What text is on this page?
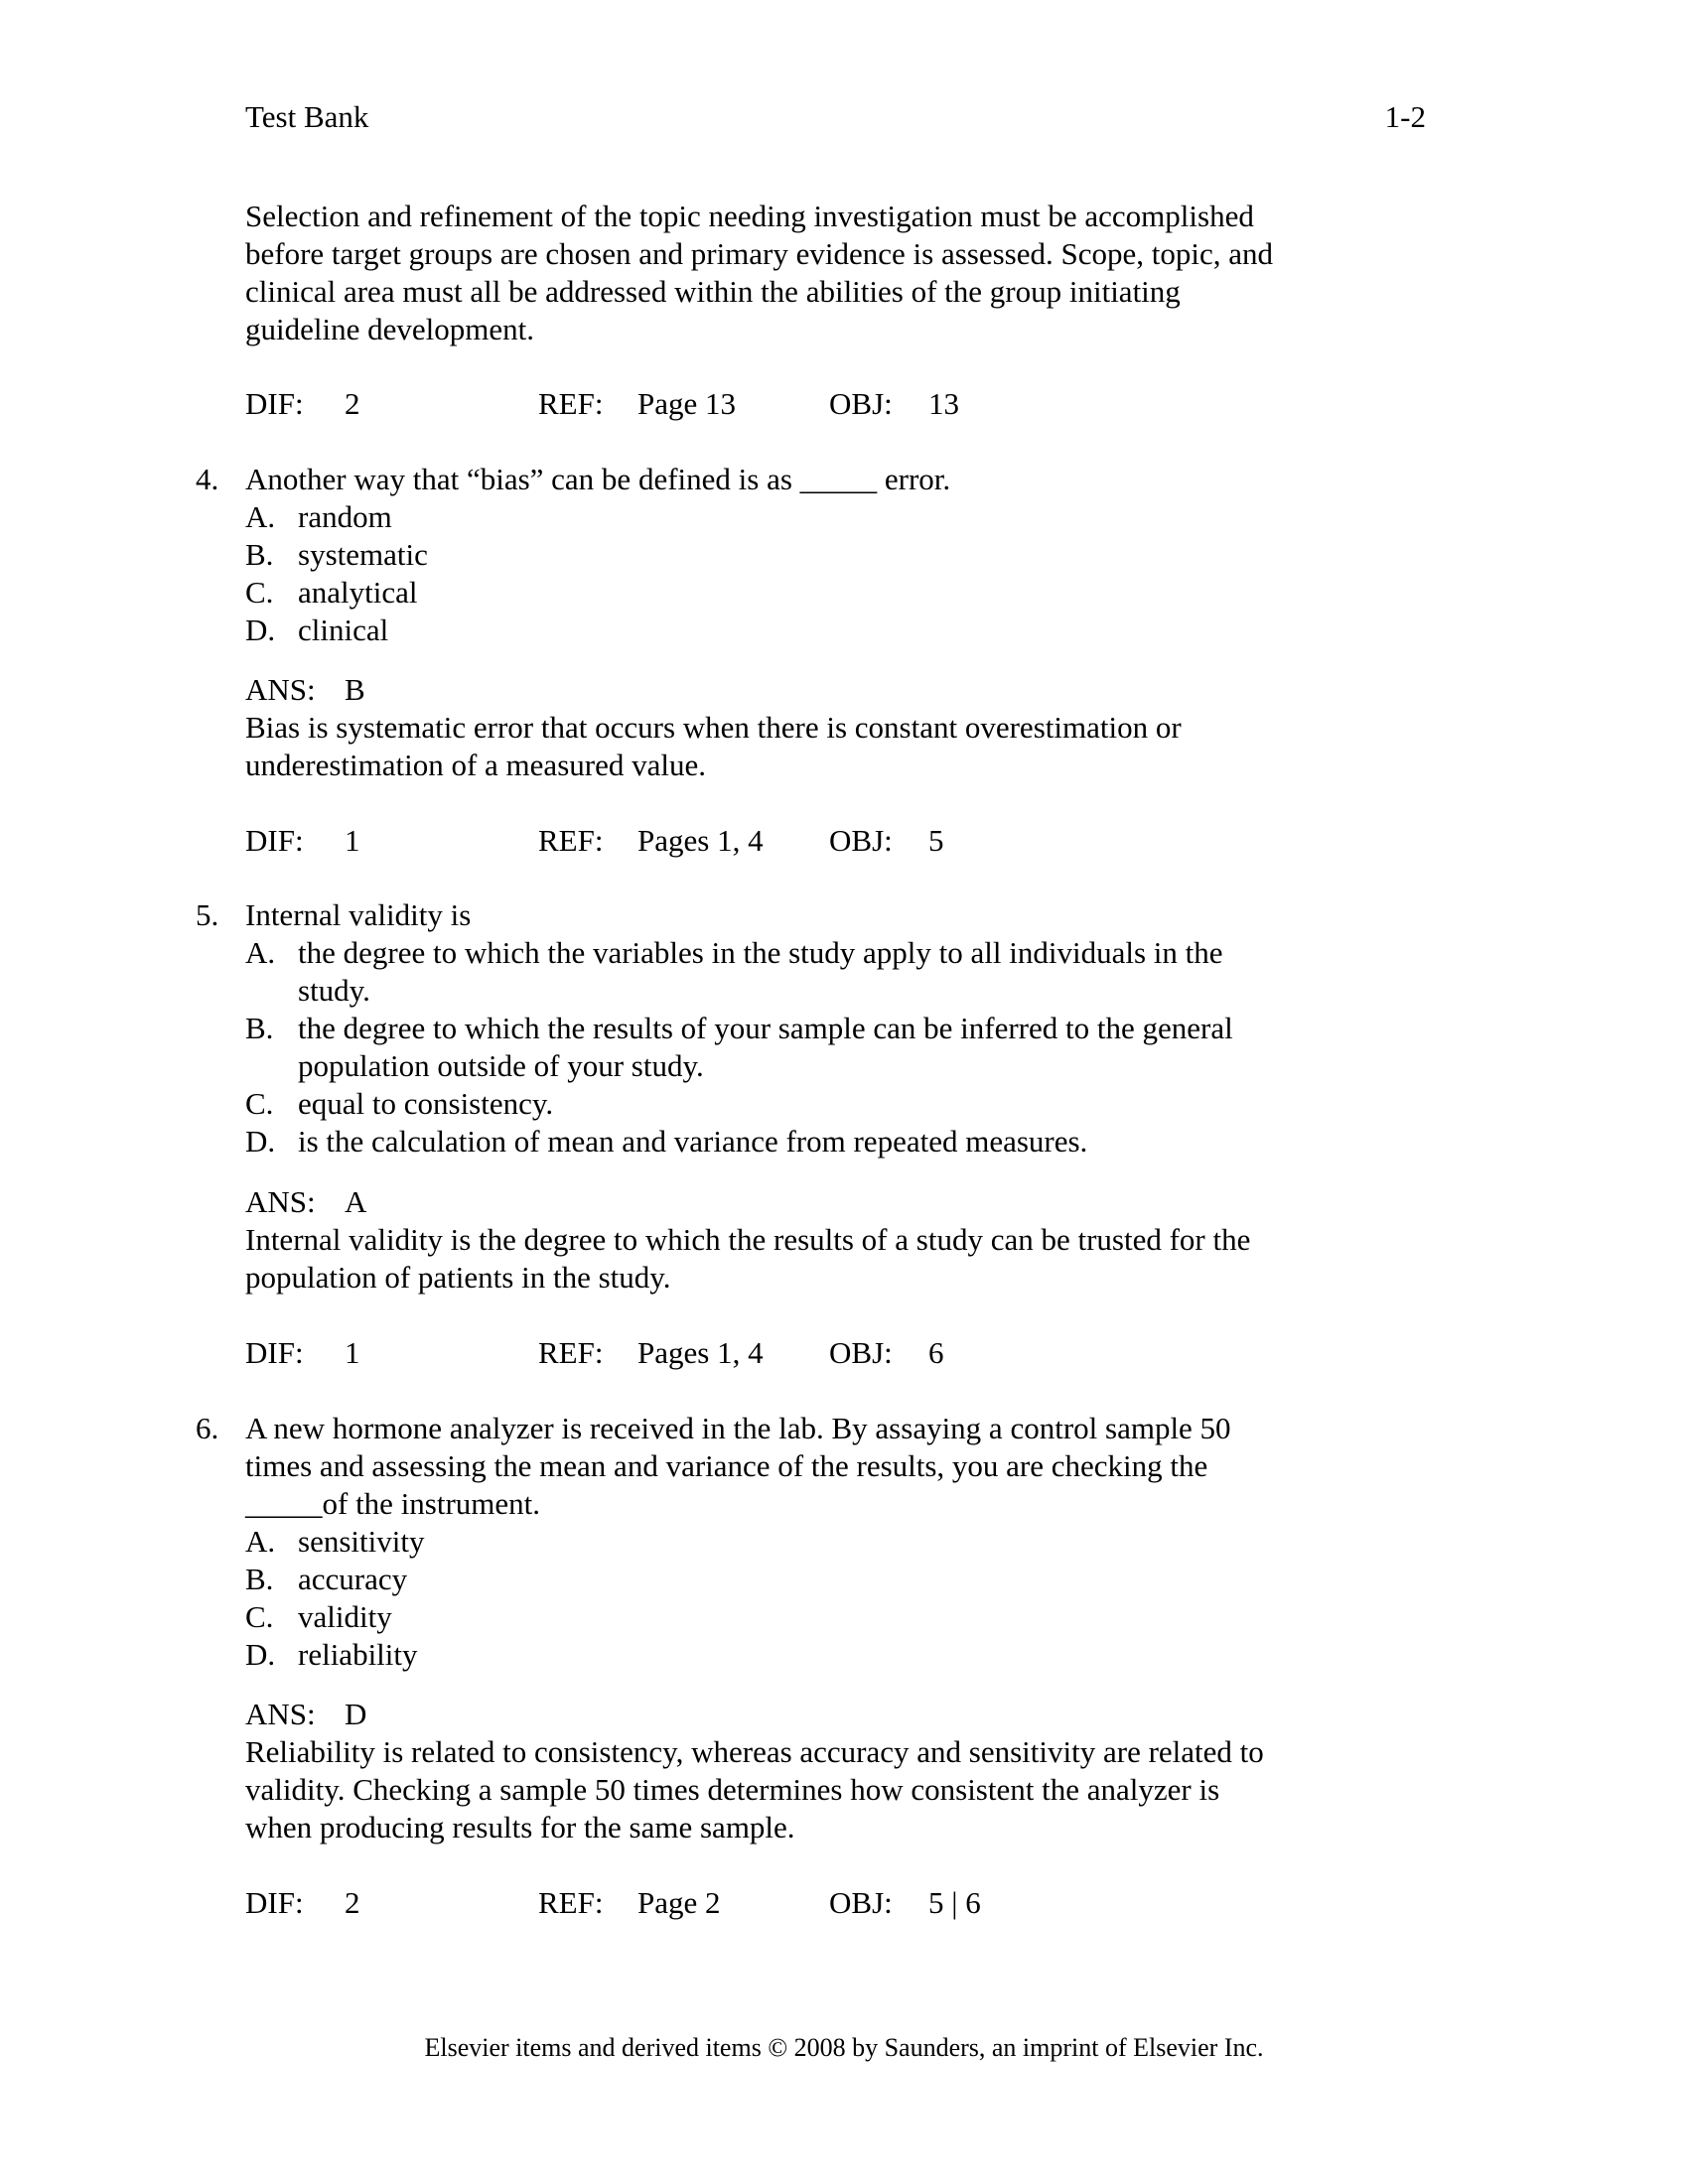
Test Bank	1-2
Selection and refinement of the topic needing investigation must be accomplished
before target groups are chosen and primary evidence is assessed. Scope, topic, and
clinical area must all be addressed within the abilities of the group initiating
guideline development.
DIF: 2	REF: Page 13	OBJ: 13
4. Another way that “bias” can be defined is as _____ error.
A. random
B. systematic
C. analytical
D. clinical
ANS: B
Bias is systematic error that occurs when there is constant overestimation or
underestimation of a measured value.
DIF: 1	REF: Pages 1, 4 OBJ: 5
5. Internal validity is
A. the degree to which the variables in the study apply to all individuals in the
study.
B. the degree to which the results of your sample can be inferred to the general
population outside of your study.
C. equal to consistency.
D. is the calculation of mean and variance from repeated measures.
ANS: A
Internal validity is the degree to which the results of a study can be trusted for the
population of patients in the study.
DIF: 1	REF: Pages 1, 4 OBJ: 6
6. A new hormone analyzer is received in the lab. By assaying a control sample 50
times and assessing the mean and variance of the results, you are checking the
_____of the instrument.
A. sensitivity
B. accuracy
C. validity
D. reliability
ANS: D
Reliability is related to consistency, whereas accuracy and sensitivity are related to
validity. Checking a sample 50 times determines how consistent the analyzer is
when producing results for the same sample.
DIF: 2	REF: Page 2	OBJ: 5 | 6
Elsevier items and derived items © 2008 by Saunders, an imprint of Elsevier Inc.
